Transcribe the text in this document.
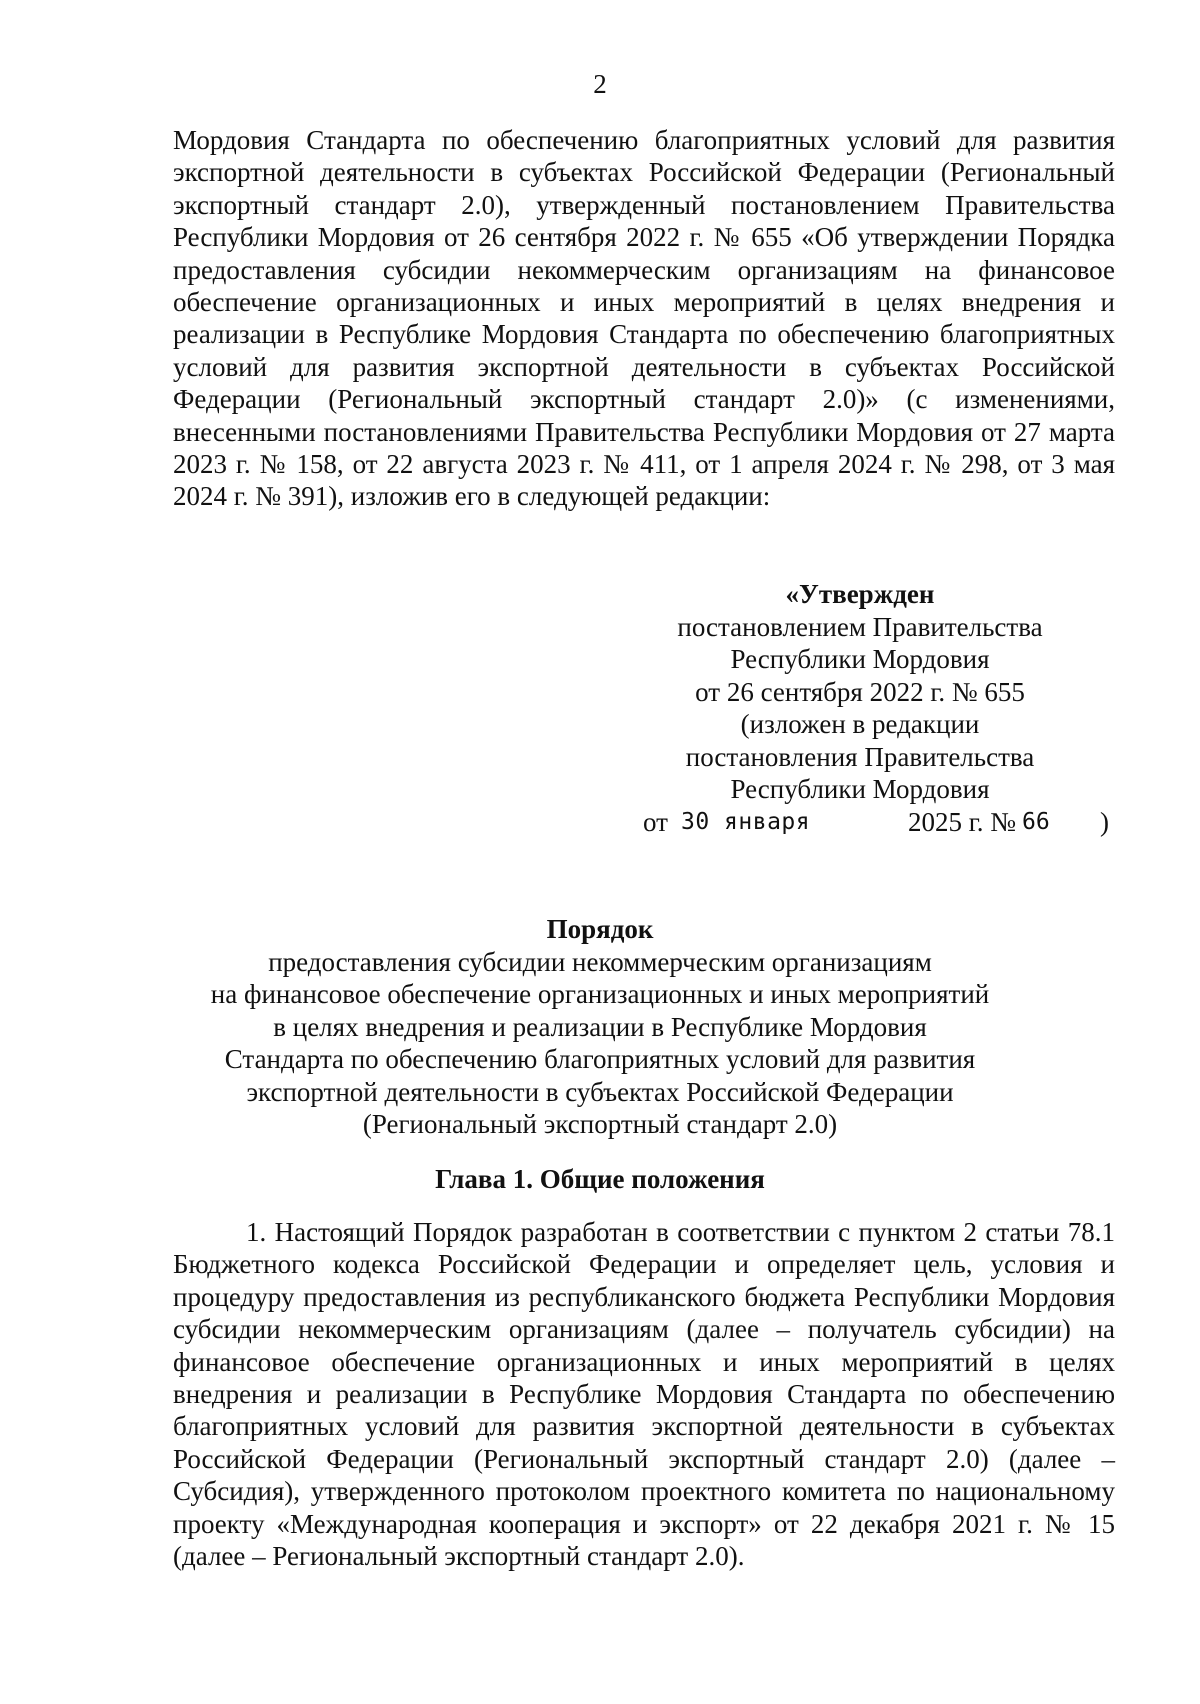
2

Мордовия Стандарта по обеспечению благоприятных условий для развития экспортной деятельности в субъектах Российской Федерации (Региональный экспортный стандарт 2.0), утвержденный постановлением Правительства Республики Мордовия от 26 сентября 2022 г. № 655 «Об утверждении Порядка предоставления субсидии некоммерческим организациям на финансовое обеспечение организационных и иных мероприятий в целях внедрения и реализации в Республике Мордовия Стандарта по обеспечению благоприятных условий для развития экспортной деятельности в субъектах Российской Федерации (Региональный экспортный стандарт 2.0)» (с изменениями, внесенными постановлениями Правительства Республики Мордовия от 27 марта 2023 г. № 158, от 22 августа 2023 г. № 411, от 1 апреля 2024 г. № 298, от 3 мая 2024 г. № 391), изложив его в следующей редакции:

«Утвержден
постановлением Правительства
Республики Мордовия
от 26 сентября 2022 г. № 655
(изложен в редакции
постановления Правительства
Республики Мордовия
от 30 января	2025 г. № 66 )
Порядок
предоставления субсидии некоммерческим организациям
на финансовое обеспечение организационных и иных мероприятий
в целях внедрения и реализации в Республике Мордовия
Стандарта по обеспечению благоприятных условий для развития
экспортной деятельности в субъектах Российской Федерации
(Региональный экспортный стандарт 2.0)
Глава 1. Общие положения

1. Настоящий Порядок разработан в соответствии с пунктом 2 статьи 78.1 Бюджетного кодекса Российской Федерации и определяет цель, условия и процедуру предоставления из республиканского бюджета Республики Мордовия субсидии некоммерческим организациям (далее – получатель субсидии) на финансовое обеспечение организационных и иных мероприятий в целях внедрения и реализации в Республике Мордовия Стандарта по обеспечению благоприятных условий для развития экспортной деятельности в субъектах Российской Федерации (Региональный экспортный стандарт 2.0) (далее – Субсидия), утвержденного протоколом проектного комитета по национальному проекту «Международная кооперация и экспорт» от 22 декабря 2021 г. № 15 (далее – Региональный экспортный стандарт 2.0).
